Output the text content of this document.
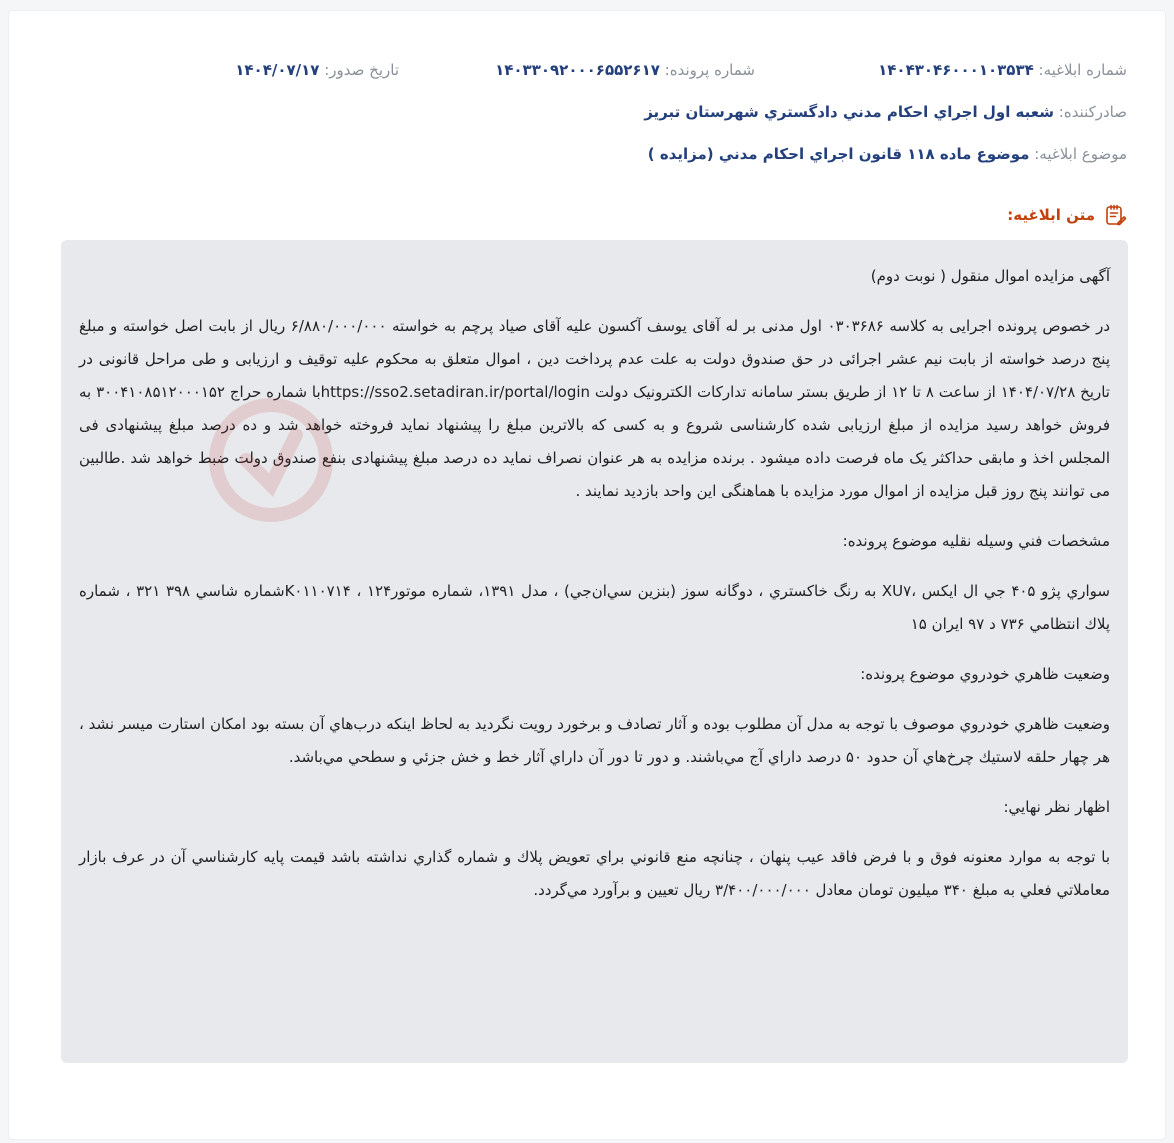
شماره ابلاغيه: ۱۴۰۴۳۰۴۶۰۰۰۱۰۳۵۳۴
شماره پرونده: ۱۴۰۳۳۰۹۲۰۰۰۶۵۵۲۶۱۷
تاريخ صدور: ۱۴۰۴/۰۷/۱۷
صادرکننده: شعبه اول اجراي احكام مدني دادگستري شهرستان تبريز
موضوع ابلاغيه: موضوع ماده ۱۱۸ قانون اجراي احكام مدني (مزايده )
متن ابلاغيه:

آگهی مزایده اموال منقول ( نوبت دوم)

در خصوص پرونده اجرایی به کلاسه ۰۳۰۳۶۸۶ اول مدنی بر له آقای یوسف آکسون علیه آقای صیاد پرچم به خواسته ۶/۸۸۰/۰۰۰/۰۰۰ ریال از بابت اصل خواسته و مبلغ پنج درصد خواسته از بابت نیم عشر اجرائی در حق صندوق دولت به علت عدم پرداخت دین ، اموال متعلق به محکوم علیه توقیف و ارزیابی و طی مراحل قانونی در تاریخ ۱۴۰۴/۰۷/۲۸ از ساعت ۸ تا ۱۲ از طریق بستر سامانه تدارکات الکترونیک دولت https://sso2.setadiran.ir/portal/loginبا شماره حراج ۳۰۰۴۱۰۸۵۱۲۰۰۰۱۵۲ به فروش خواهد رسید مزایده از مبلغ ارزیابی شده کارشناسی شروع و به کسی که بالاترین مبلغ را پیشنهاد نماید فروخته خواهد شد و ده درصد مبلغ پیشنهادی فی المجلس اخذ و مابقی حداکثر یک ماه فرصت داده میشود . برنده مزایده به هر عنوان نصراف نماید ده درصد مبلغ پیشنهادی بنفع صندوق دولت ضبط خواهد شد .طالبین می توانند پنج روز قبل مزایده از اموال مورد مزایده با هماهنگی این واحد بازدید نمایند .

مشخصات فني وسيله نقليه موضوع پرونده:

سواري پژو ۴۰۵ جي ال ايكس ،XU۷ به رنگ خاكستري ، دوگانه سوز (بنزين سي‌ان‌جي) ، مدل ۱۳۹۱، شماره موتور۱۲۴ ، K۰۱۱۰۷۱۴شماره شاسي ۳۹۸ ۳۲۱ ، شماره پلاك انتظامي ۷۳۶ د ۹۷ ايران ۱۵

وضعيت ظاهري خودروي موضوع پرونده:

وضعيت ظاهري خودروي موصوف با توجه به مدل آن مطلوب بوده و آثار تصادف و برخورد رويت نگرديد به لحاظ اينكه درب‌هاي آن بسته بود امكان استارت ميسر نشد ، هر چهار حلقه لاستيك چرخ‌هاي آن حدود ۵۰ درصد داراي آج مي‌باشند. و دور تا دور آن داراي آثار خط و خش جزئي و سطحي مي‌باشد.

اظهار نظر نهايي:

با توجه به موارد معنونه فوق و با فرض فاقد عيب پنهان ، چنانچه منع قانوني براي تعويض پلاك و شماره گذاري نداشته باشد قيمت پايه كارشناسي آن در عرف بازار معاملاتي فعلي به مبلغ ۳۴۰ ميليون تومان معادل ۳/۴۰۰/۰۰۰/۰۰۰ ريال تعيين و برآورد مي‌گردد.
